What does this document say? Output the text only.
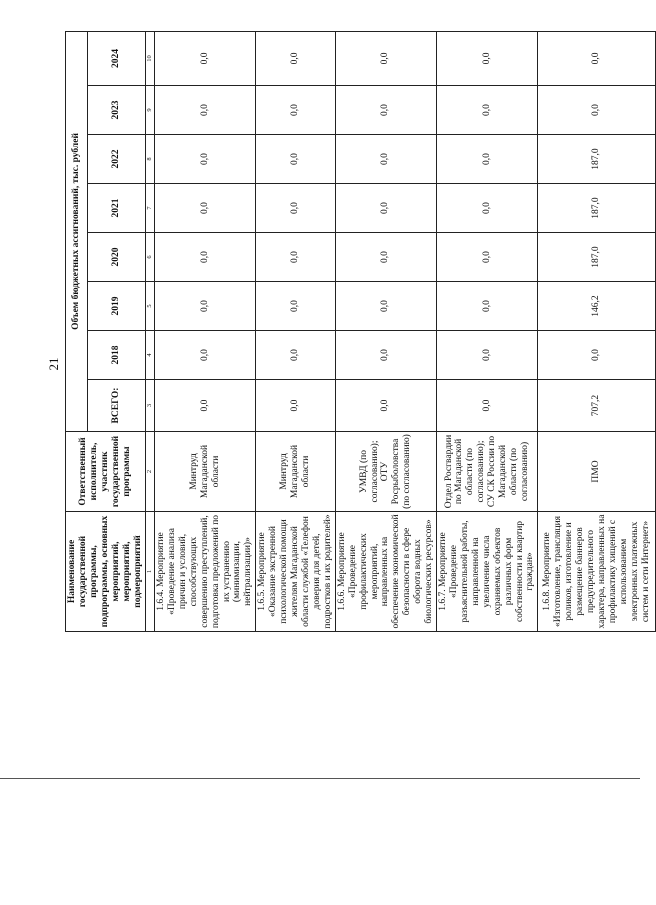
21
Наименование государственной программы, подпрограммы, основных мероприятий, мероприятий, подмероприятий	Ответственный исполнитель, участник государственной программы	Объем бюджетных ассигнований, тыс. рублей							
		ВСЕГО:	2018	2019	2020	2021	2022	2023	2024
1	2	3	4	5	6	7	8	9	10
1.6.4. Мероприятие «Проведение анализа причин и условий, способствующих совершению преступлений, подготовка предложений по их устранению (минимизации, нейтрализации)»	Минтруд Магаданской области	0,0	0,0	0,0	0,0	0,0	0,0	0,0	0,0
1.6.5. Мероприятие «Оказание экстренной психологической помощи жителям Магаданской области службой «Телефон доверия для детей, подростков и их родителей»	Минтруд Магаданской области	0,0	0,0	0,0	0,0	0,0	0,0	0,0	0,0
1.6.6. Мероприятие «Проведение профилактических мероприятий, направленных на обеспечение экономической безопасности в сфере оборота водных биологических ресурсов»	УМВД (по согласованию); ОТУ Росрыболовства (по согласованию)	0,0	0,0	0,0	0,0	0,0	0,0	0,0	0,0
1.6.7. Мероприятие «Проведение разъяснительной работы, направленной на увеличение числа охраняемых объектов различных форм собственности и квартир граждан»	Отдел Росгвардии по Магаданской области (по согласованию); СУ СК России по Магаданской области (по согласованию)	0,0	0,0	0,0	0,0	0,0	0,0	0,0	0,0
1.6.8. Мероприятие «Изготовление, трансляция роликов, изготовление и размещение баннеров предупредительного характера, направленных на профилактику хищений с использованием электронных платежных систем и сети Интернет»	ПМО	707,2	0,0	146,2	187,0	187,0	187,0	0,0	0,0
